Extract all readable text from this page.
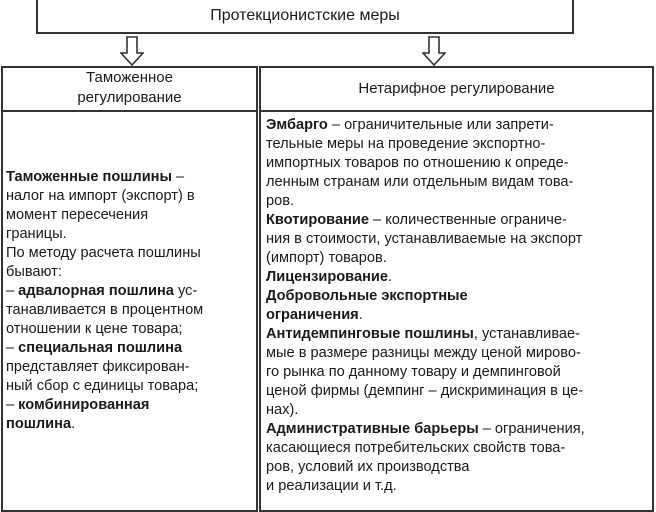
Протекционистские меры
Таможенное
регулирование
Нетарифное регулирование
Таможенные пошлины –
налог на импорт (экспорт) в
момент пересечения
границы.
По методу расчета пошлины
бывают:
– адвалорная пошлина ус-
танавливается в процентном
отношении к цене товара;
– специальная пошлина
представляет фиксирован-
ный сбор с единицы товара;
– комбинированная
пошлина.
Эмбарго – ограничительные или запрети-
тельные меры на проведение экспортно-
импортных товаров по отношению к опреде-
ленным странам или отдельным видам това-
ров.
Квотирование – количественные ограниче-
ния в стоимости, устанавливаемые на экспорт
(импорт) товаров.
Лицензирование.
Добровольные экспортные
ограничения.
Антидемпинговые пошлины, устанавливае-
мые в размере разницы между ценой мирово-
го рынка по данному товару и демпинговой
ценой фирмы (демпинг – дискриминация в це-
нах).
Административные барьеры – ограничения,
касающиеся потребительских свойств това-
ров, условий их производства
и реализации и т.д.
